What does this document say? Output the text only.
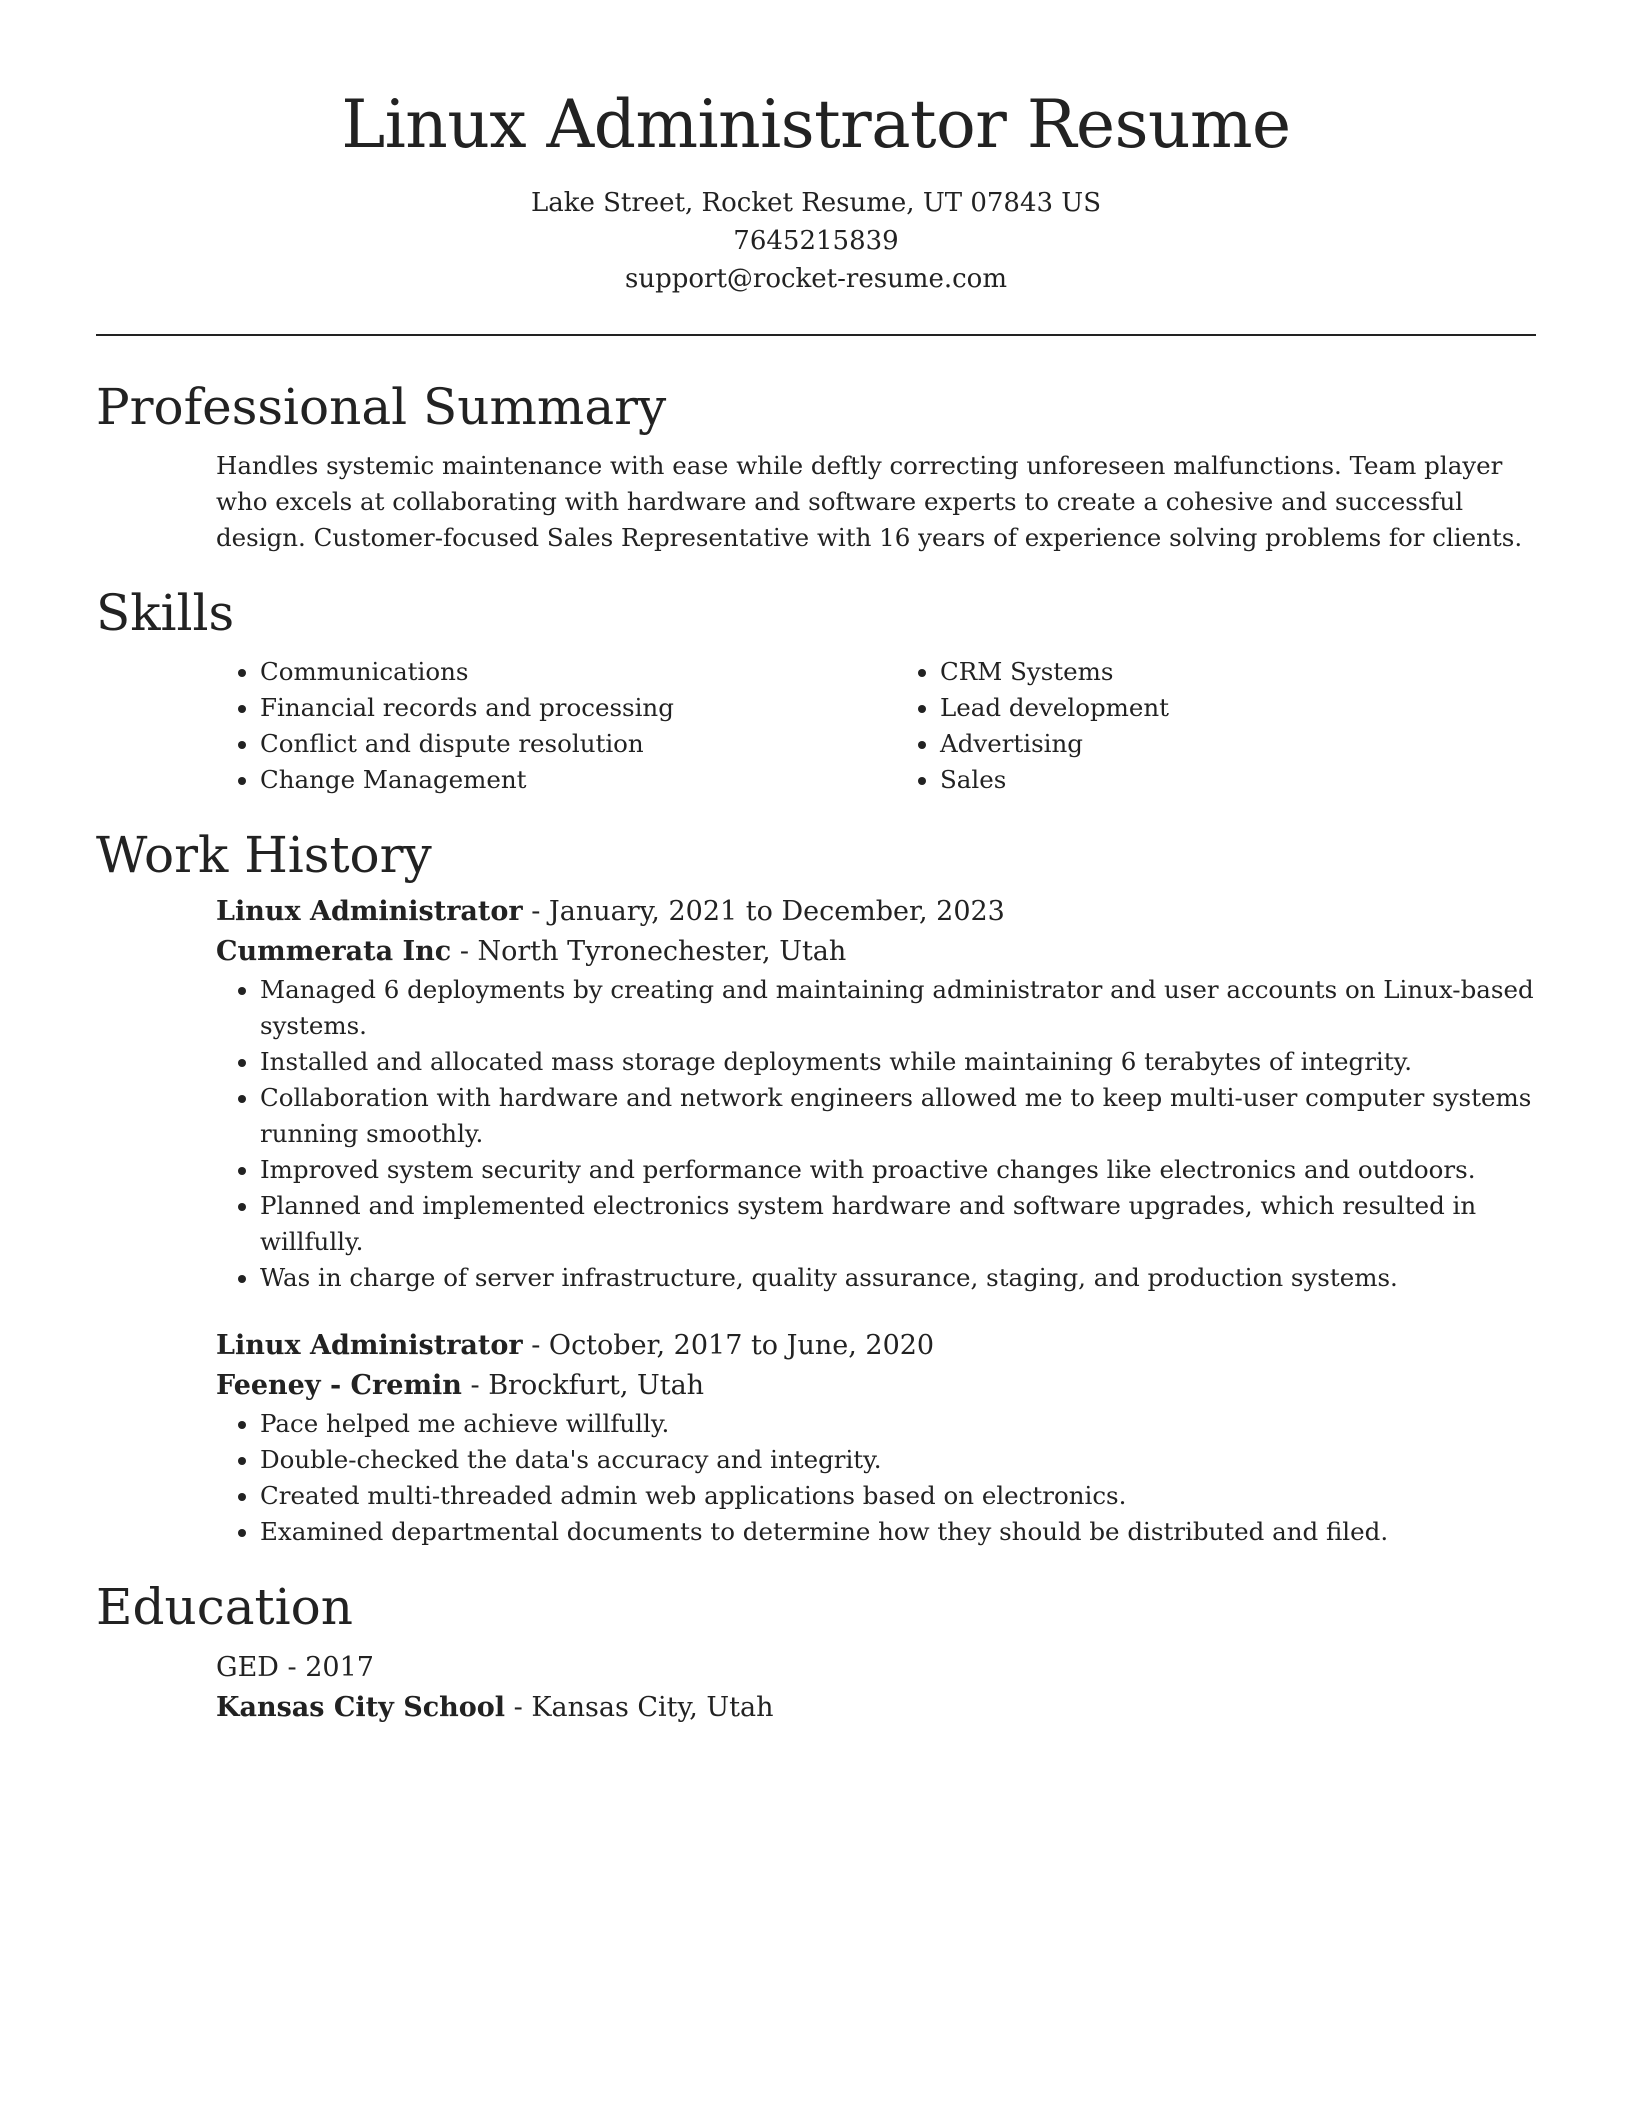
Linux Administrator Resume

Lake Street, Rocket Resume, UT 07843 US

7645215839

support@rocket-resume.com

Professional Summary

Handles systemic maintenance with ease while deftly correcting unforeseen malfunctions. Team player who excels at collaborating with hardware and software experts to create a cohesive and successful design. Customer-focused Sales Representative with 16 years of experience solving problems for clients.

Skills
• Communications
• Financial records and processing
• Conflict and dispute resolution
• Change Management
• CRM Systems
• Lead development
• Advertising
• Sales
Work History

Linux Administrator - January, 2021 to December, 2023

Cummerata Inc - North Tyronechester, Utah

• Managed 6 deployments by creating and maintaining administrator and user accounts on Linux-based systems.
• Installed and allocated mass storage deployments while maintaining 6 terabytes of integrity.
• Collaboration with hardware and network engineers allowed me to keep multi-user computer systems running smoothly.
• Improved system security and performance with proactive changes like electronics and outdoors.
• Planned and implemented electronics system hardware and software upgrades, which resulted in willfully.
• Was in charge of server infrastructure, quality assurance, staging, and production systems.

Linux Administrator - October, 2017 to June, 2020

Feeney - Cremin - Brockfurt, Utah

• Pace helped me achieve willfully.
• Double-checked the data's accuracy and integrity.
• Created multi-threaded admin web applications based on electronics.
• Examined departmental documents to determine how they should be distributed and filed.
Education

GED - 2017

Kansas City School - Kansas City, Utah
